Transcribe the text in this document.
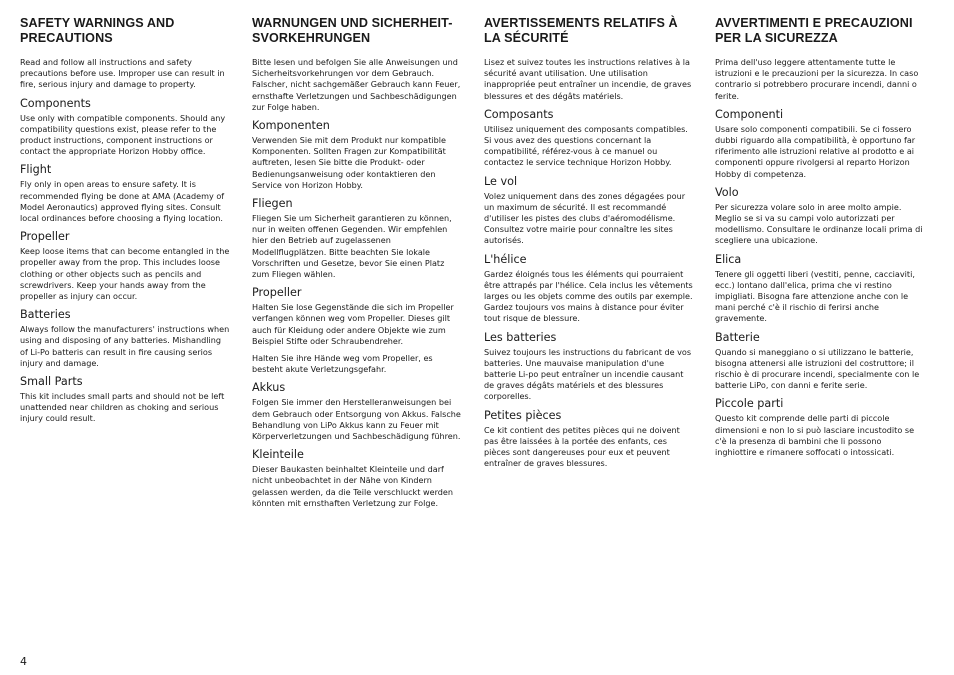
SAFETY WARNINGS AND PRECAUTIONS

Read and follow all instructions and safety precautions before use. Improper use can result in fire, serious injury and damage to property.

Components

Use only with compatible components. Should any compatibility questions exist, please refer to the product instructions, component instructions or contact the appropriate Horizon Hobby office.

Flight

Fly only in open areas to ensure safety. It is recommended flying be done at AMA (Academy of Model Aeronautics) approved flying sites. Consult local ordinances before choosing a flying location.

Propeller

Keep loose items that can become entangled in the propeller away from the prop. This includes loose clothing or other objects such as pencils and screwdrivers. Keep your hands away from the propeller as injury can occur.

Batteries

Always follow the manufacturers' instructions when using and disposing of any batteries. Mishandling of Li-Po batteris can result in fire causing serios injury and damage.

Small Parts

This kit includes small parts and should not be left unattended near children as choking and serious injury could result.

WARNUNGEN UND SICHERHEIT-SVORKEHRUNGEN

Bitte lesen und befolgen Sie alle Anweisungen und Sicherheitsvorkehrungen vor dem Gebrauch. Falscher, nicht sachgemäßer Gebrauch kann Feuer, ernsthafte Verletzungen und Sachbeschädigungen zur Folge haben.

Komponenten

Verwenden Sie mit dem Produkt nur kompatible Komponenten. Sollten Fragen zur Kompatibilität auftreten, lesen Sie bitte die Produkt- oder Bedienungsanweisung oder kontaktieren den Service von Horizon Hobby.

Fliegen

Fliegen Sie um Sicherheit garantieren zu können, nur in weiten offenen Gegenden. Wir empfehlen hier den Betrieb auf zugelassenen Modellflugplätzen. Bitte beachten Sie lokale Vorschriften und Gesetze, bevor Sie einen Platz zum Fliegen wählen.

Propeller

Halten Sie lose Gegenstände die sich im Propeller verfangen können weg vom Propeller. Dieses gilt auch für Kleidung oder andere Objekte wie zum Beispiel Stifte oder Schraubendreher.

Halten Sie ihre Hände weg vom Propeller, es besteht akute Verletzungsgefahr.

Akkus

Folgen Sie immer den Herstelleranweisungen bei dem Gebrauch oder Entsorgung von Akkus. Falsche Behandlung von LiPo Akkus kann zu Feuer mit Körperverletzungen und Sachbeschädigung führen.

Kleinteile

Dieser Baukasten beinhaltet Kleinteile und darf nicht unbeobachtet in der Nähe von Kindern gelassen werden, da die Teile verschluckt werden könnten mit ernsthaften Verletzung zur Folge.

AVERTISSEMENTS RELATIFS À LA SÉCURITÉ

Lisez et suivez toutes les instructions relatives à la sécurité avant utilisation. Une utilisation inappropriée peut entraîner un incendie, de graves blessures et des dégâts matériels.

Composants

Utilisez uniquement des composants compatibles. Si vous avez des questions concernant la compatibilité, référez-vous à ce manuel ou contactez le service technique Horizon Hobby.

Le vol

Volez uniquement dans des zones dégagées pour un maximum de sécurité. Il est recommandé d'utiliser les pistes des clubs d'aéromodélisme. Consultez votre mairie pour connaître les sites autorisés.

L'hélice

Gardez éloignés tous les éléments qui pourraient être attrapés par l'hélice. Cela inclus les vêtements larges ou les objets comme des outils par exemple. Gardez toujours vos mains à distance pour éviter tout risque de blessure.

Les batteries

Suivez toujours les instructions du fabricant de vos batteries. Une mauvaise manipulation d'une batterie Li-po peut entraîner un incendie causant de graves dégâts matériels et des blessures corporelles.

Petites pièces

Ce kit contient des petites pièces qui ne doivent pas être laissées à la portée des enfants, ces pièces sont dangereuses pour eux et peuvent entraîner de graves blessures.

AVVERTIMENTI E PRECAUZIONI PER LA SICUREZZA

Prima dell'uso leggere attentamente tutte le istruzioni e le precauzioni per la sicurezza. In caso contrario si potrebbero procurare incendi, danni o ferite.

Componenti

Usare solo componenti compatibili. Se ci fossero dubbi riguardo alla compatibilità, è opportuno far riferimento alle istruzioni relative al prodotto e ai componenti oppure rivolgersi al reparto Horizon Hobby di competenza.

Volo

Per sicurezza volare solo in aree molto ampie. Meglio se si va su campi volo autorizzati per modellismo. Consultare le ordinanze locali prima di scegliere una ubicazione.

Elica

Tenere gli oggetti liberi (vestiti, penne, cacciaviti, ecc.) lontano dall'elica, prima che vi restino impigliati. Bisogna fare attenzione anche con le mani perché c'è il rischio di ferirsi anche gravemente.

Batterie

Quando si maneggiano o si utilizzano le batterie, bisogna attenersi alle istruzioni del costruttore; il rischio è di procurare incendi, specialmente con le batterie LiPo, con danni e ferite serie.

Piccole parti

Questo kit comprende delle parti di piccole dimensioni e non lo si può lasciare incustodito se c'è la presenza di bambini che li possono inghiottire e rimanere soffocati o intossicati.

4
